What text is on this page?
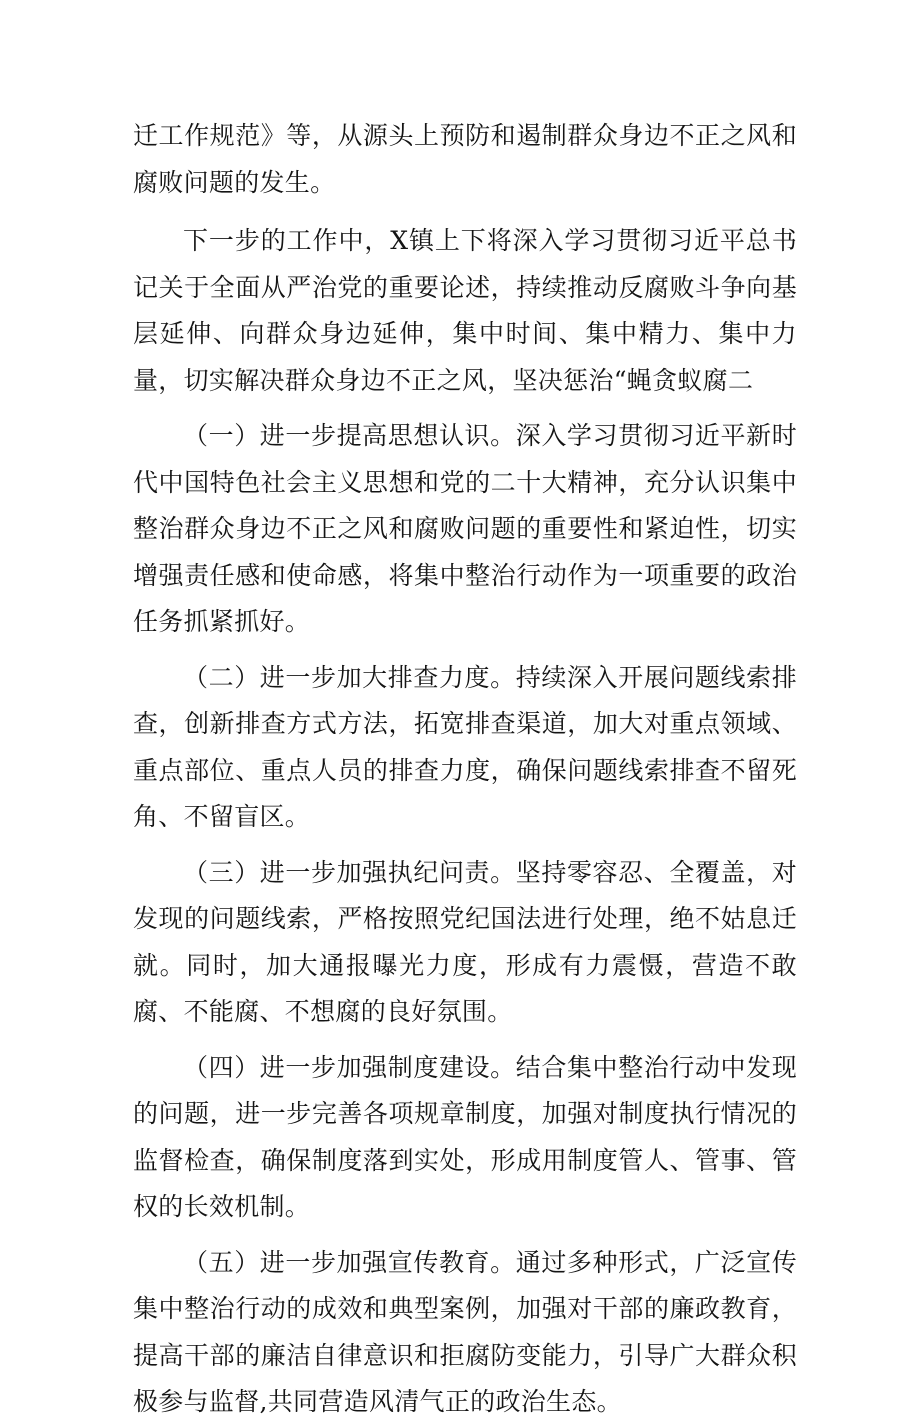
迁工作规范》等，从源头上预防和遏制群众身边不正之风和腐败问题的发生。

下一步的工作中，X镇上下将深入学习贯彻习近平总书记关于全面从严治党的重要论述，持续推动反腐败斗争向基层延伸、向群众身边延伸，集中时间、集中精力、集中力量，切实解决群众身边不正之风，坚决惩治“蝇贪蚁腐二

（一）进一步提高思想认识。深入学习贯彻习近平新时代中国特色社会主义思想和党的二十大精神，充分认识集中整治群众身边不正之风和腐败问题的重要性和紧迫性，切实增强责任感和使命感，将集中整治行动作为一项重要的政治任务抓紧抓好。

（二）进一步加大排查力度。持续深入开展问题线索排查，创新排查方式方法，拓宽排查渠道，加大对重点领域、重点部位、重点人员的排查力度，确保问题线索排查不留死角、不留盲区。

（三）进一步加强执纪问责。坚持零容忍、全覆盖，对发现的问题线索，严格按照党纪国法进行处理，绝不姑息迁就。同时，加大通报曝光力度，形成有力震慑，营造不敢腐、不能腐、不想腐的良好氛围。

（四）进一步加强制度建设。结合集中整治行动中发现的问题，进一步完善各项规章制度，加强对制度执行情况的监督检查，确保制度落到实处，形成用制度管人、管事、管权的长效机制。

（五）进一步加强宣传教育。通过多种形式，广泛宣传集中整治行动的成效和典型案例，加强对干部的廉政教育，提高干部的廉洁自律意识和拒腐防变能力，引导广大群众积极参与监督,共同营造风清气正的政治生态。
